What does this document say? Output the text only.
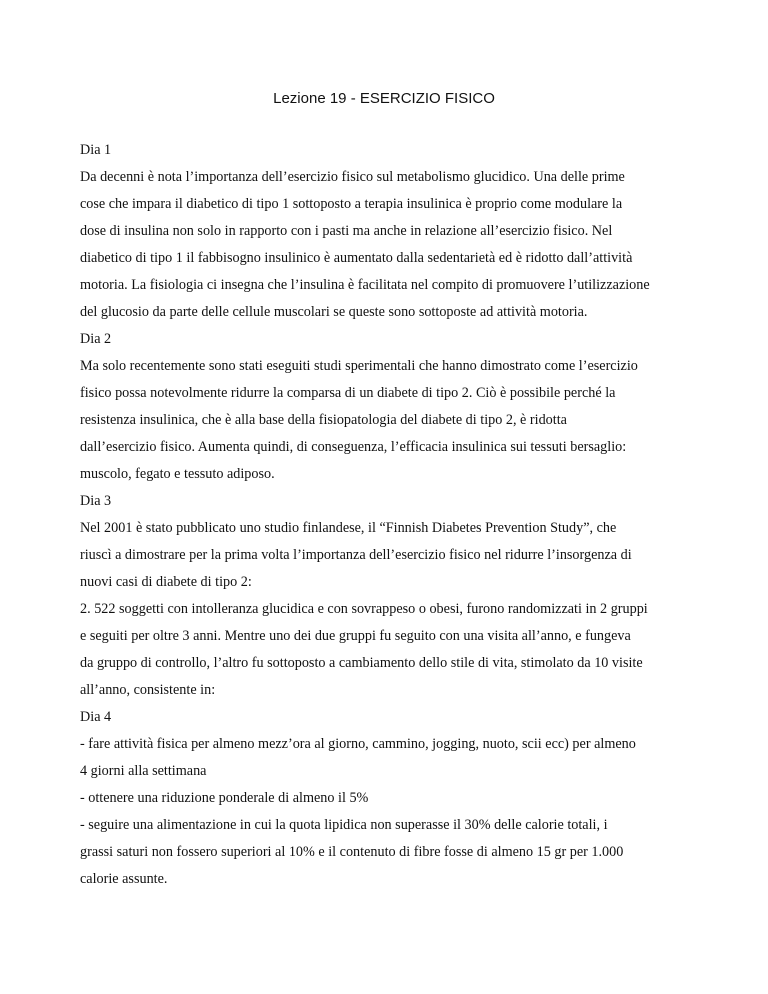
Lezione 19 - ESERCIZIO FISICO
Dia 1
Da decenni è nota l’importanza dell’esercizio fisico sul metabolismo glucidico. Una delle prime
cose che impara il diabetico di tipo 1 sottoposto a terapia insulinica è proprio come modulare la
dose di insulina non solo in rapporto con i pasti ma anche in relazione all’esercizio fisico. Nel
diabetico di tipo 1 il fabbisogno insulinico è aumentato dalla sedentarietà ed è ridotto dall’attività
motoria. La fisiologia ci insegna che l’insulina è facilitata nel compito di promuovere l’utilizzazione
del glucosio da parte delle cellule muscolari se queste sono sottoposte ad attività motoria.
Dia 2
Ma solo recentemente sono stati eseguiti studi sperimentali che hanno dimostrato come l’esercizio
fisico possa notevolmente ridurre la comparsa di un diabete di tipo 2. Ciò è possibile perché la
resistenza insulinica, che è alla base della fisiopatologia del diabete di tipo 2, è ridotta
dall’esercizio fisico. Aumenta quindi, di conseguenza, l’efficacia insulinica sui tessuti bersaglio:
muscolo, fegato e tessuto adiposo.
Dia 3
Nel 2001 è stato pubblicato uno studio finlandese, il “Finnish Diabetes Prevention Study”, che
riuscì a dimostrare per la prima volta l’importanza dell’esercizio fisico nel ridurre l’insorgenza di
nuovi casi di diabete di tipo 2:
2. 522 soggetti con intolleranza glucidica e con sovrappeso o obesi, furono randomizzati in 2 gruppi
e seguiti per oltre 3 anni. Mentre uno dei due gruppi fu seguito con una visita all’anno, e fungeva
da gruppo di controllo, l’altro fu sottoposto a cambiamento dello stile di vita, stimolato da 10 visite
all’anno, consistente in:
Dia 4
- fare attività fisica per almeno mezz’ora al giorno, cammino, jogging, nuoto, scii ecc) per almeno
4 giorni alla settimana
- ottenere una riduzione ponderale di almeno il 5%
- seguire una alimentazione in cui la quota lipidica non superasse il 30% delle calorie totali, i
grassi saturi non fossero superiori al 10% e il contenuto di fibre fosse di almeno 15 gr per 1.000
calorie assunte.
